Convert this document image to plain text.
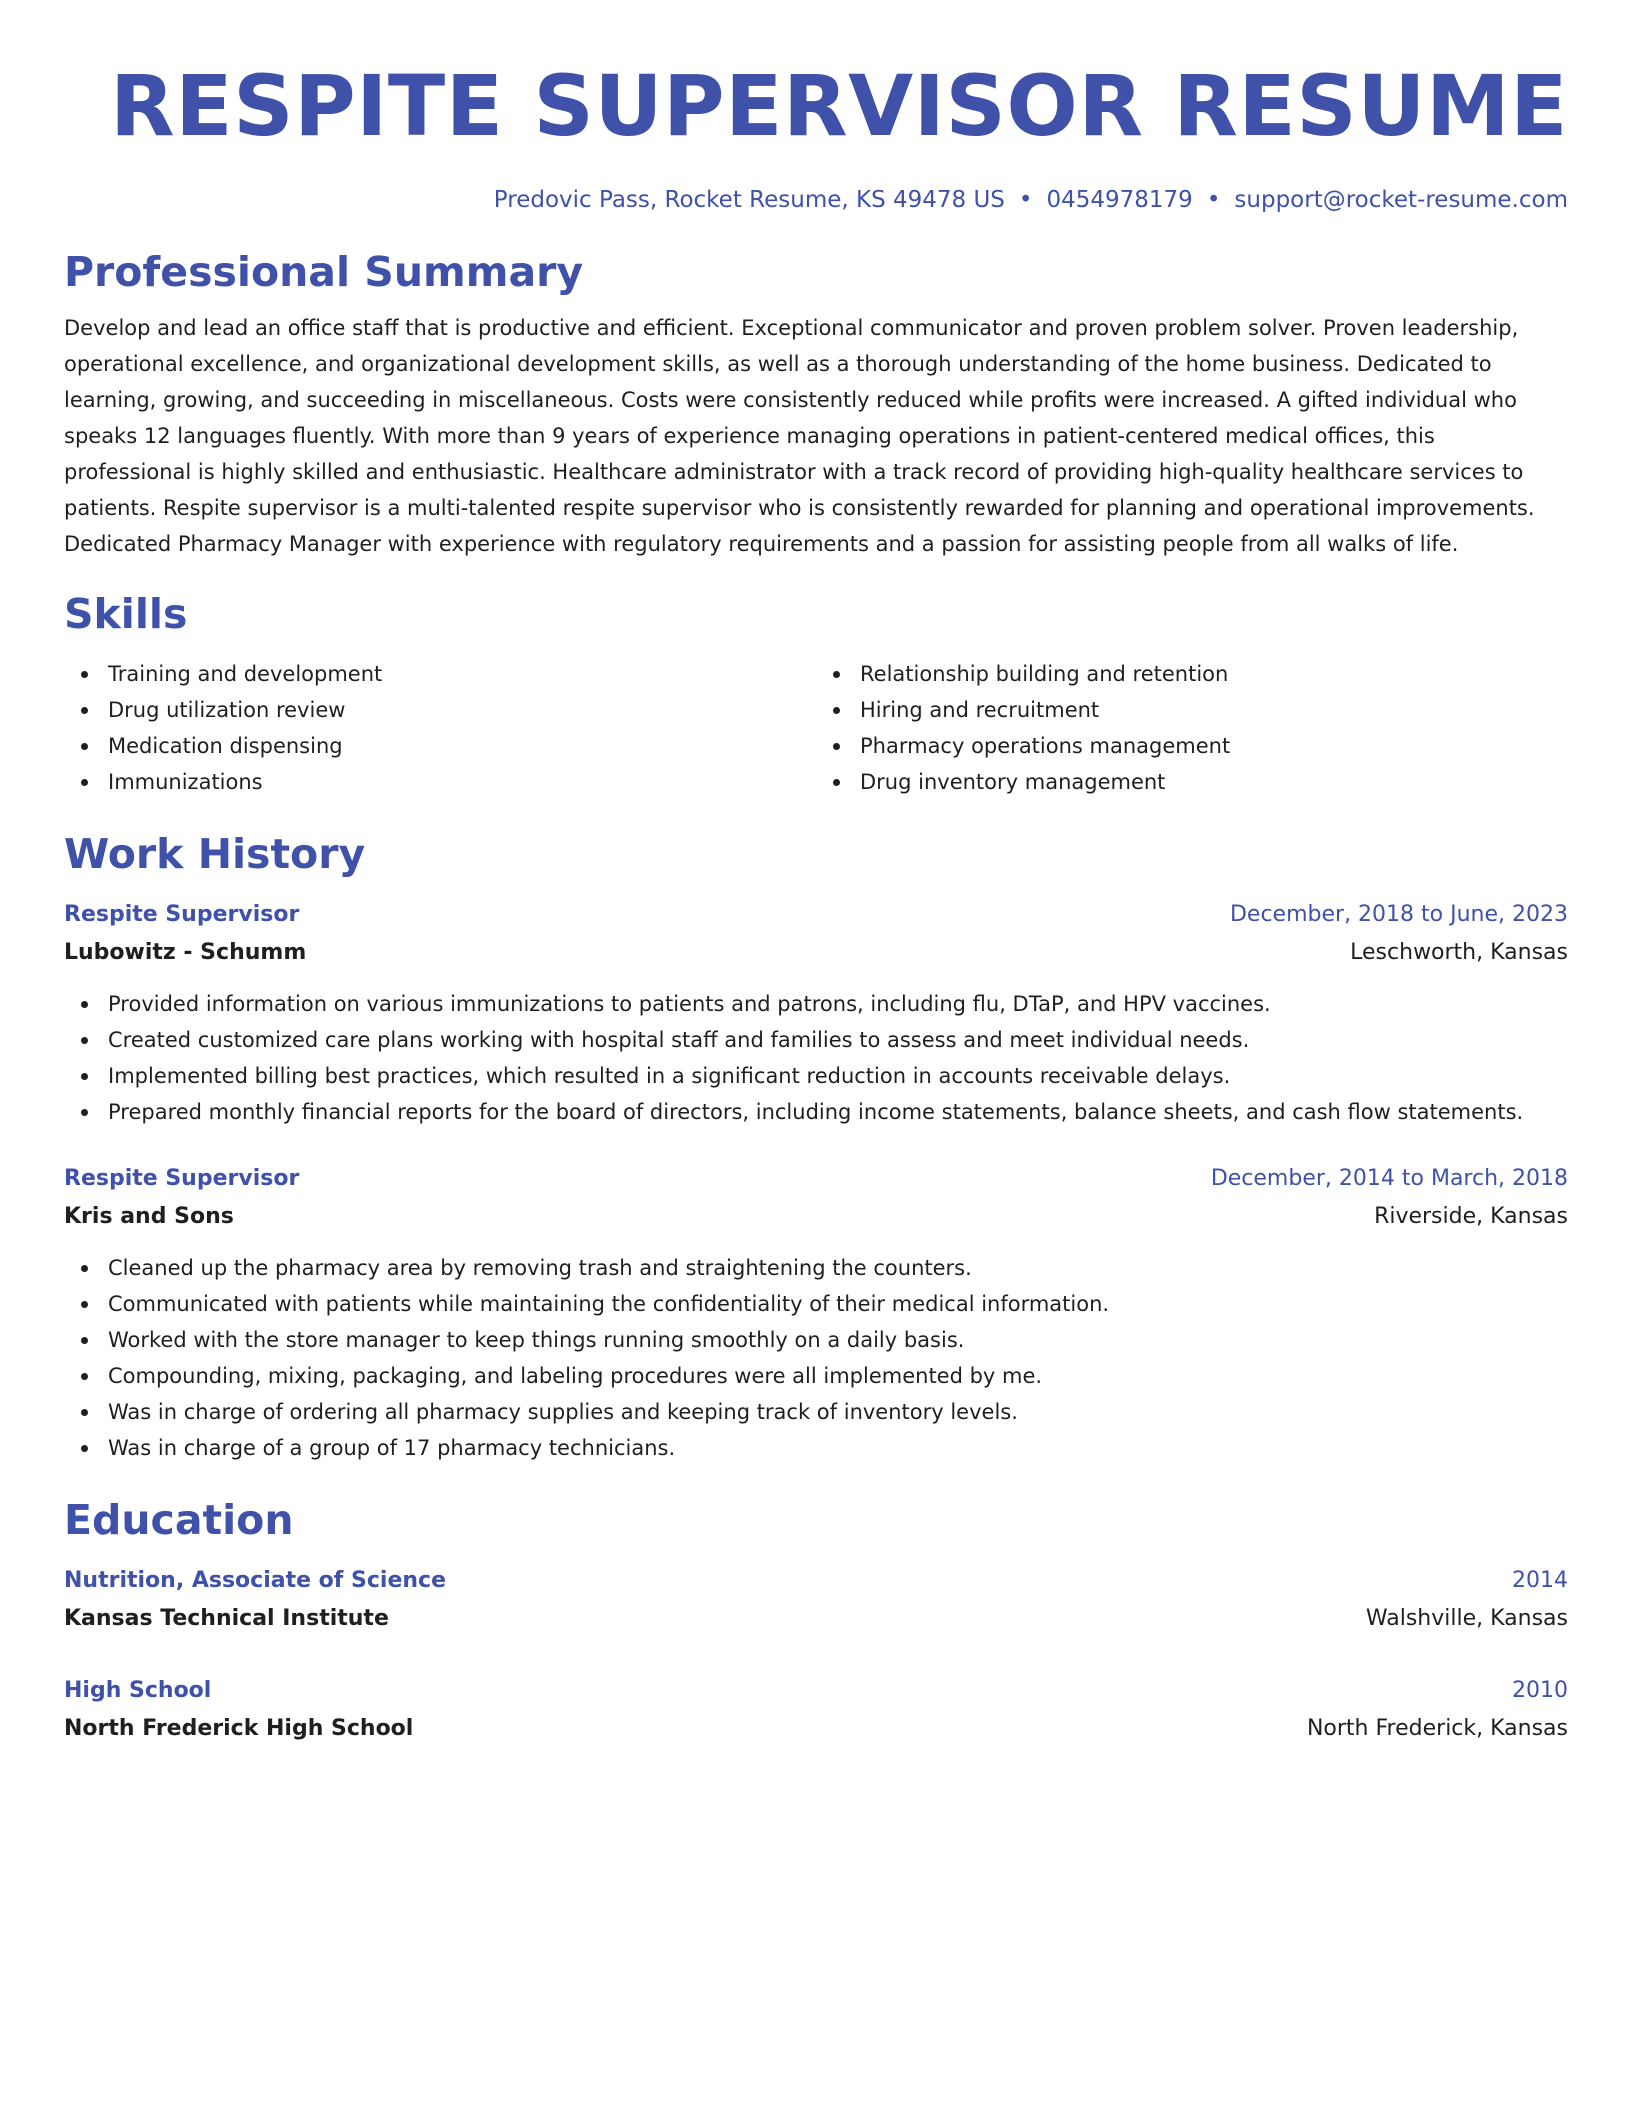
RESPITE SUPERVISOR RESUME
Predovic Pass, Rocket Resume, KS 49478 US • 0454978179 • support@rocket-resume.com
Professional Summary
Develop and lead an office staff that is productive and efficient. Exceptional communicator and proven problem solver. Proven leadership, operational excellence, and organizational development skills, as well as a thorough understanding of the home business. Dedicated to learning, growing, and succeeding in miscellaneous. Costs were consistently reduced while profits were increased. A gifted individual who speaks 12 languages fluently. With more than 9 years of experience managing operations in patient-centered medical offices, this professional is highly skilled and enthusiastic. Healthcare administrator with a track record of providing high-quality healthcare services to patients. Respite supervisor is a multi-talented respite supervisor who is consistently rewarded for planning and operational improvements. Dedicated Pharmacy Manager with experience with regulatory requirements and a passion for assisting people from all walks of life.
Skills
Training and development
Drug utilization review
Medication dispensing
Immunizations
Relationship building and retention
Hiring and recruitment
Pharmacy operations management
Drug inventory management
Work History
Respite Supervisor	December, 2018 to June, 2023
Lubowitz - Schumm	Leschworth, Kansas
Provided information on various immunizations to patients and patrons, including flu, DTaP, and HPV vaccines.
Created customized care plans working with hospital staff and families to assess and meet individual needs.
Implemented billing best practices, which resulted in a significant reduction in accounts receivable delays.
Prepared monthly financial reports for the board of directors, including income statements, balance sheets, and cash flow statements.
Respite Supervisor	December, 2014 to March, 2018
Kris and Sons	Riverside, Kansas
Cleaned up the pharmacy area by removing trash and straightening the counters.
Communicated with patients while maintaining the confidentiality of their medical information.
Worked with the store manager to keep things running smoothly on a daily basis.
Compounding, mixing, packaging, and labeling procedures were all implemented by me.
Was in charge of ordering all pharmacy supplies and keeping track of inventory levels.
Was in charge of a group of 17 pharmacy technicians.
Education
Nutrition, Associate of Science	2014
Kansas Technical Institute	Walshville, Kansas
High School	2010
North Frederick High School	North Frederick, Kansas
